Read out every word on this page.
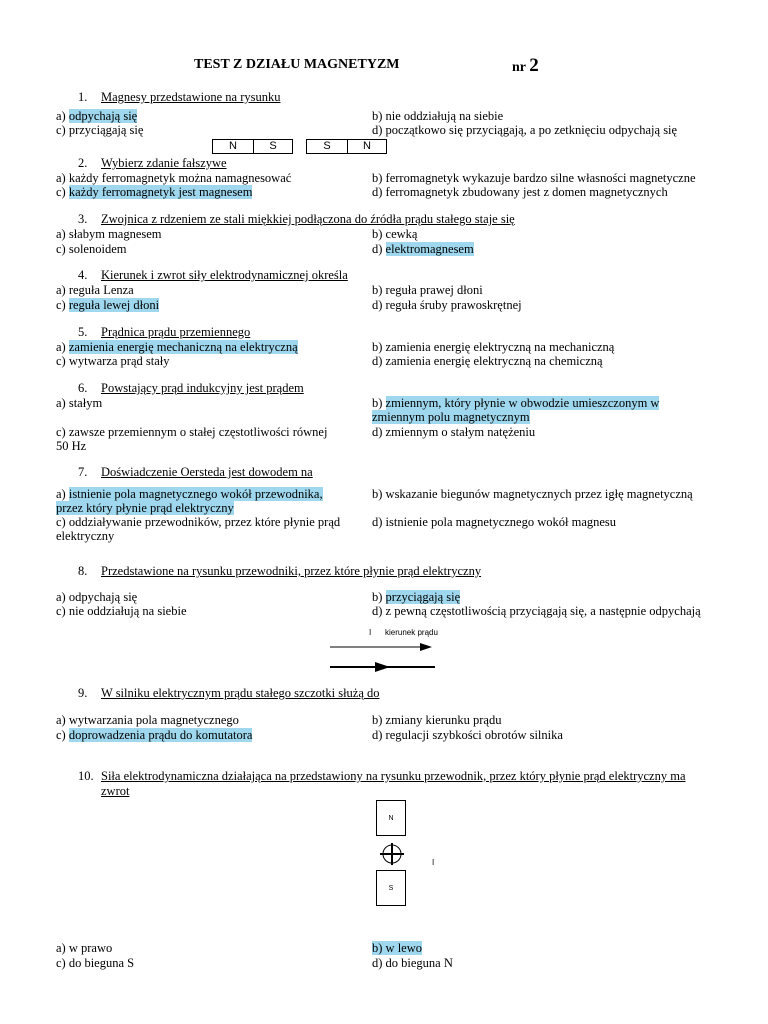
TEST Z DZIAŁU MAGNETYZM	nr 2
1. Magnesy przedstawione na rysunku
a) odpychają się	b) nie oddziałują na siebie
c) przyciągają się	d) początkowo się przyciągają, a po zetknięciu odpychają się
N	S	S	N
2. Wybierz zdanie fałszywe
a) każdy ferromagnetyk można namagnesować	b) ferromagnetyk wykazuje bardzo silne własności magnetyczne
c) każdy ferromagnetyk jest magnesem	d) ferromagnetyk zbudowany jest z domen magnetycznych
3. Zwojnica z rdzeniem ze stali miękkiej podłączona do źródła prądu stałego staje się
a) słabym magnesem	b) cewką
c) solenoidem	d) elektromagnesem
4. Kierunek i zwrot siły elektrodynamicznej określa
a) reguła Lenza	b) reguła prawej dłoni
c) reguła lewej dłoni	d) reguła śruby prawoskrętnej
5. Prądnica prądu przemiennego
a) zamienia energię mechaniczną na elektryczną	b) zamienia energię elektryczną na mechaniczną
c) wytwarza prąd stały	d) zamienia energię elektryczną na chemiczną
6. Powstający prąd indukcyjny jest prądem
a) stałym	b) zmiennym, który płynie w obwodzie umieszczonym w
zmiennym polu magnetycznym
c) zawsze przemiennym o stałej częstotliwości równej
50 Hz
d) zmiennym o stałym natężeniu
7. Doświadczenie Oersteda jest dowodem na
a) istnienie pola magnetycznego wokół przewodnika,
przez który płynie prąd elektryczny
b) wskazanie biegunów magnetycznych przez igłę magnetyczną
c) oddziaływanie przewodników, przez które płynie prąd
elektryczny
d) istnienie pola magnetycznego wokół magnesu
8. Przedstawione na rysunku przewodniki, przez które płynie prąd elektryczny
a) odpychają się	b) przyciągają się
c) nie oddziałują na siebie	d) z pewną częstotliwością przyciągają się, a następnie odpychają
I kierunek prądu
9. W silniku elektrycznym prądu stałego szczotki służą do
a) wytwarzania pola magnetycznego	b) zmiany kierunku prądu
c) doprowadzenia prądu do komutatora	d) regulacji szybkości obrotów silnika
10. Siła elektrodynamiczna działająca na przedstawiony na rysunku przewodnik, przez który płynie prąd elektryczny ma
zwrot
N
I
S
a) w prawo	b) w lewo
c) do bieguna S	d) do bieguna N
